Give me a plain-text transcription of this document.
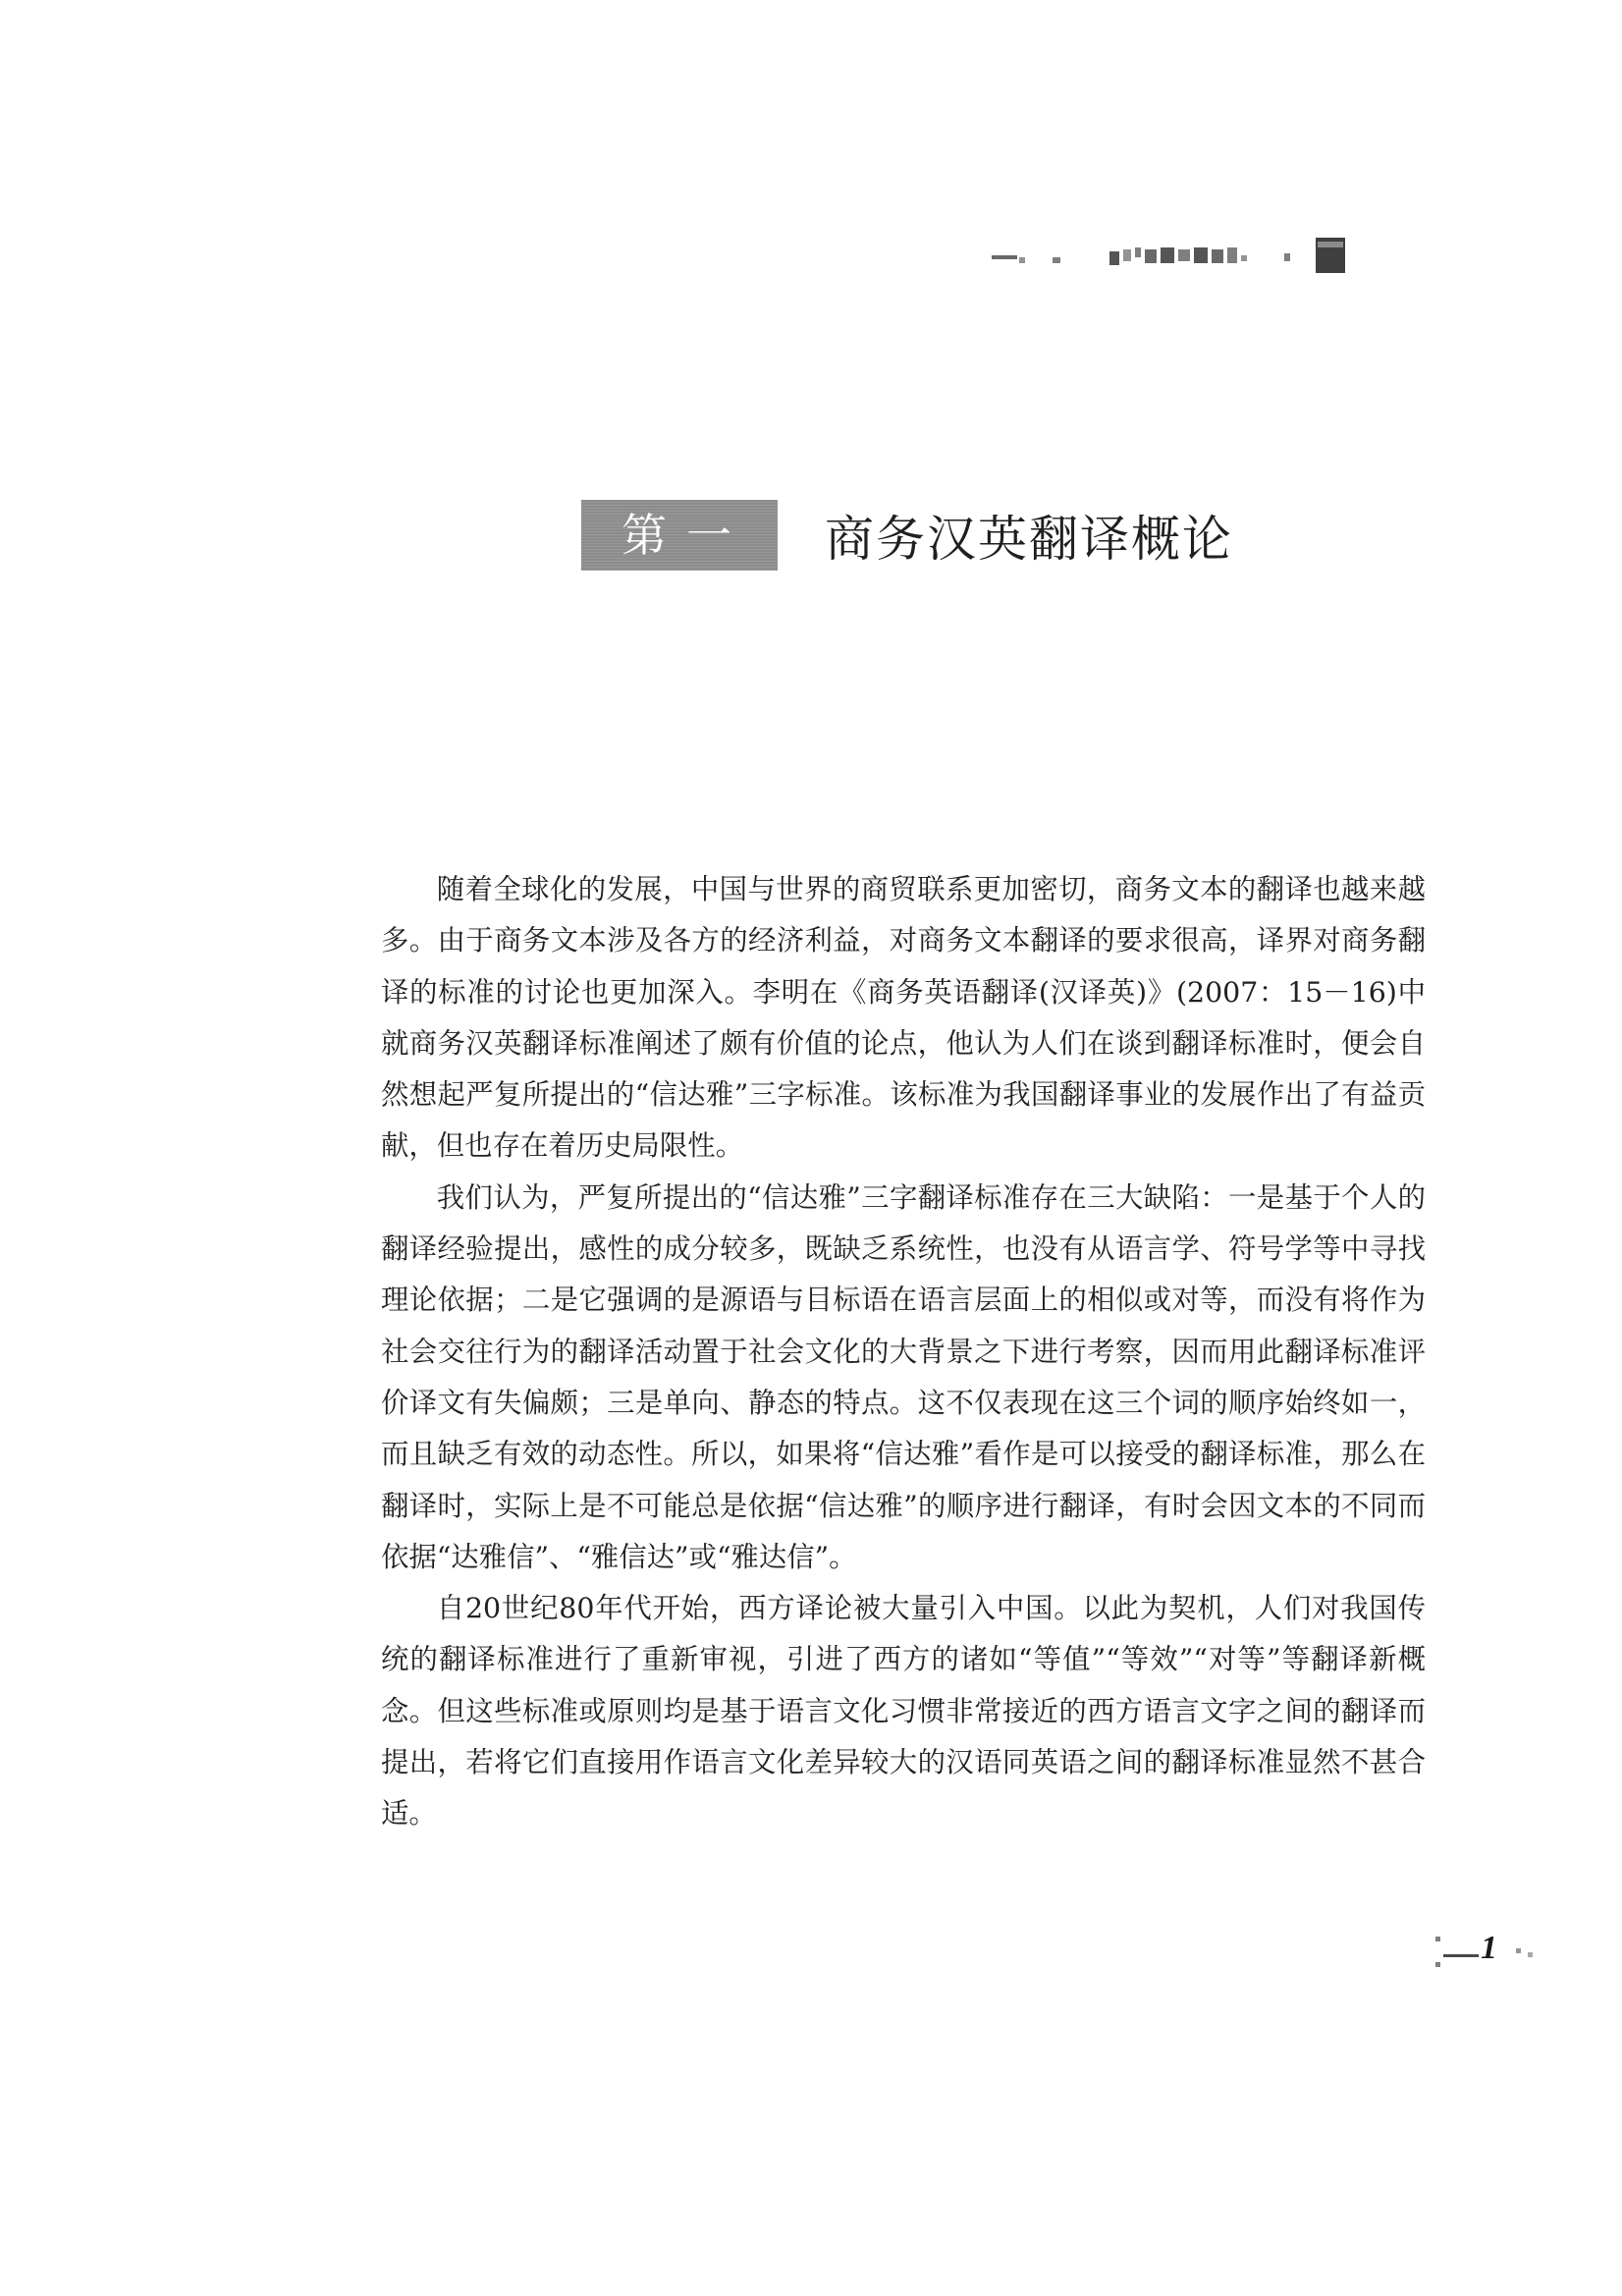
第一章
商务汉英翻译概论

随着全球化的发展，中国与世界的商贸联系更加密切，商务文本的翻译也越来越多。由于商务文本涉及各方的经济利益，对商务文本翻译的要求很高，译界对商务翻译的标准的讨论也更加深入。李明在《商务英语翻译(汉译英)》(2007：15－16)中就商务汉英翻译标准阐述了颇有价值的论点，他认为人们在谈到翻译标准时，便会自然想起严复所提出的“信达雅”三字标准。该标准为我国翻译事业的发展作出了有益贡献，但也存在着历史局限性。

我们认为，严复所提出的“信达雅”三字翻译标准存在三大缺陷：一是基于个人的翻译经验提出，感性的成分较多，既缺乏系统性，也没有从语言学、符号学等中寻找理论依据；二是它强调的是源语与目标语在语言层面上的相似或对等，而没有将作为社会交往行为的翻译活动置于社会文化的大背景之下进行考察，因而用此翻译标准评价译文有失偏颇；三是单向、静态的特点。这不仅表现在这三个词的顺序始终如一，而且缺乏有效的动态性。所以，如果将“信达雅”看作是可以接受的翻译标准，那么在翻译时，实际上是不可能总是依据“信达雅”的顺序进行翻译，有时会因文本的不同而依据“达雅信”、“雅信达”或“雅达信”。

自20世纪80年代开始，西方译论被大量引入中国。以此为契机，人们对我国传统的翻译标准进行了重新审视，引进了西方的诸如“等值”“等效”“对等”等翻译新概念。但这些标准或原则均是基于语言文化习惯非常接近的西方语言文字之间的翻译而提出，若将它们直接用作语言文化差异较大的汉语同英语之间的翻译标准显然不甚合适。

1
